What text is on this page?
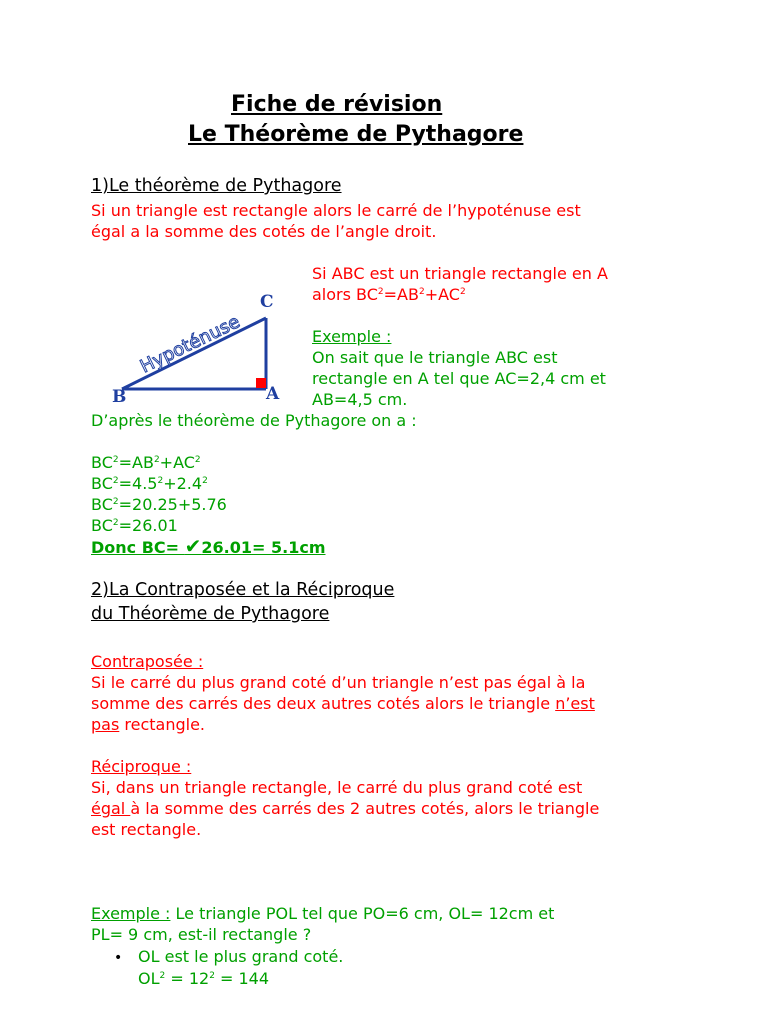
Fiche de révision
Le Théorème de Pythagore
1)Le théorème de Pythagore
Si un triangle est rectangle alors le carré de l’hypoténuse est
égal a la somme des cotés de l’angle droit.
C
B	A
Hypoténuse
Si ABC est un triangle rectangle en A
alors $BC^2=AB^2+AC^2$
Exemple :
On sait que le triangle ABC est
rectangle en A tel que AC=2,4 cm et
AB=4,5 cm.
D’après le théorème de Pythagore on a :
$BC^2=AB^2+AC^2$
$BC^2=4.5^2+2.4^2$
$BC^2=20.25+5.76$
$BC^2=26.01$
Donc BC= ✔26.01= 5.1cm
2)La Contraposée et la Réciproque
du Théorème de Pythagore
Contraposée :
Si le carré du plus grand coté d’un triangle n’est pas égal à la
somme des carrés des deux autres cotés alors le triangle n’est
pas rectangle.
Réciproque :
Si, dans un triangle rectangle, le carré du plus grand coté est
égal à la somme des carrés des 2 autres cotés, alors le triangle
est rectangle.
Exemple : Le triangle POL tel que PO=6 cm, OL= 12cm et
PL= 9 cm, est-il rectangle ?
• OL est le plus grand coté.
$OL^2 = 12^2 = 144$
